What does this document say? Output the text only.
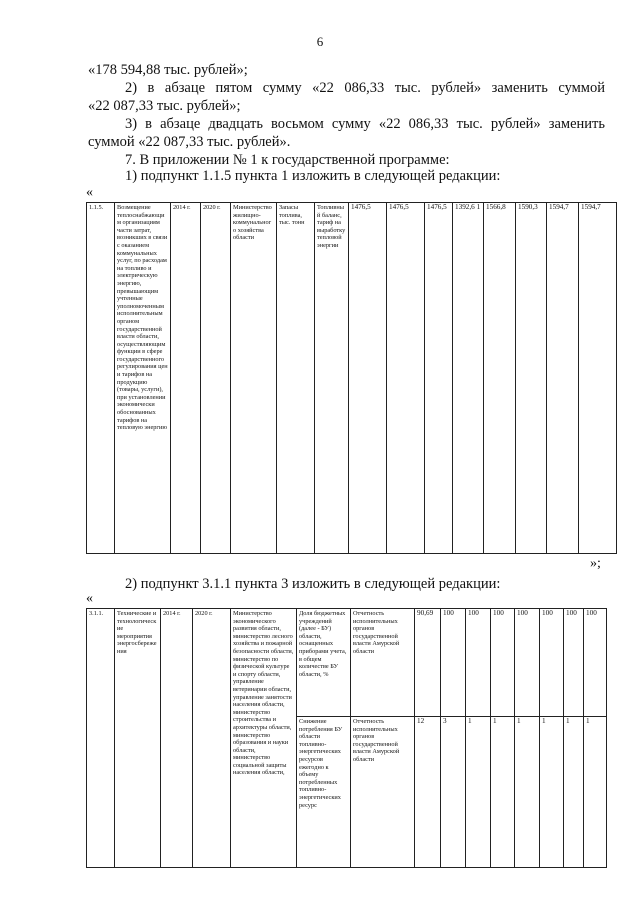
6
«178 594,88 тыс. рублей»;
2) в абзаце пятом сумму «22 086,33 тыс. рублей» заменить суммой
«22 087,33 тыс. рублей»;
3) в абзаце двадцать восьмом сумму «22 086,33 тыс. рублей» заменить
суммой «22 087,33 тыс. рублей».
7. В приложении № 1 к государственной программе:
1) подпункт 1.1.5 пункта 1 изложить в следующей редакции:
«
1.1.5.	Возмещение теплоснабжающим организациям части затрат, возникших в связи с оказанием коммунальных услуг, по расходам на топливо и электрическую энергию, превышающим учтенные уполномоченным исполнительным органом государственной власти области, осуществляющим функции в сфере государственного регулирования цен и тарифов на продукцию (товары, услуги), при установлении экономически обоснованных тарифов на тепловую энергию	2014 г.	2020 г.	Министерство жилищно-коммунального хозяйства области	Запасы топлива, тыс. тонн	Топливный баланс, тариф на выработку тепловой энергии	1476,5	1476,5	1476,5	1392,6 1	1566,8	1590,3	1594,7	1594,7
»;
2) подпункт 3.1.1 пункта 3 изложить в следующей редакции:
«
3.1.1.	Технические и технологические мероприятия энергосбережения	2014 г.	2020 г.	Министерство экономического развития области, министерство лесного хозяйства и пожарной безопасности области, министерство по физической культуре и спорту области, управление ветеринарии области, управление занятости населения области, министерство строительства и архитектуры области, министерство образования и науки области, министерство социальной защиты населения области,	Доля бюджетных учреждений (далее - БУ) области, оснащенных приборами учета, в общем количестве БУ области, %	Отчетность исполнительных органов государственной власти Амурской области	90,69	100	100	100	100	100	100	100
					Снижение потребления БУ области топливно-энергетических ресурсов ежегодно к объему потребленных топливно-энергетических ресурс	Отчетность исполнительных органов государственной власти Амурской области	12	3	1	1	1	1	1	1
